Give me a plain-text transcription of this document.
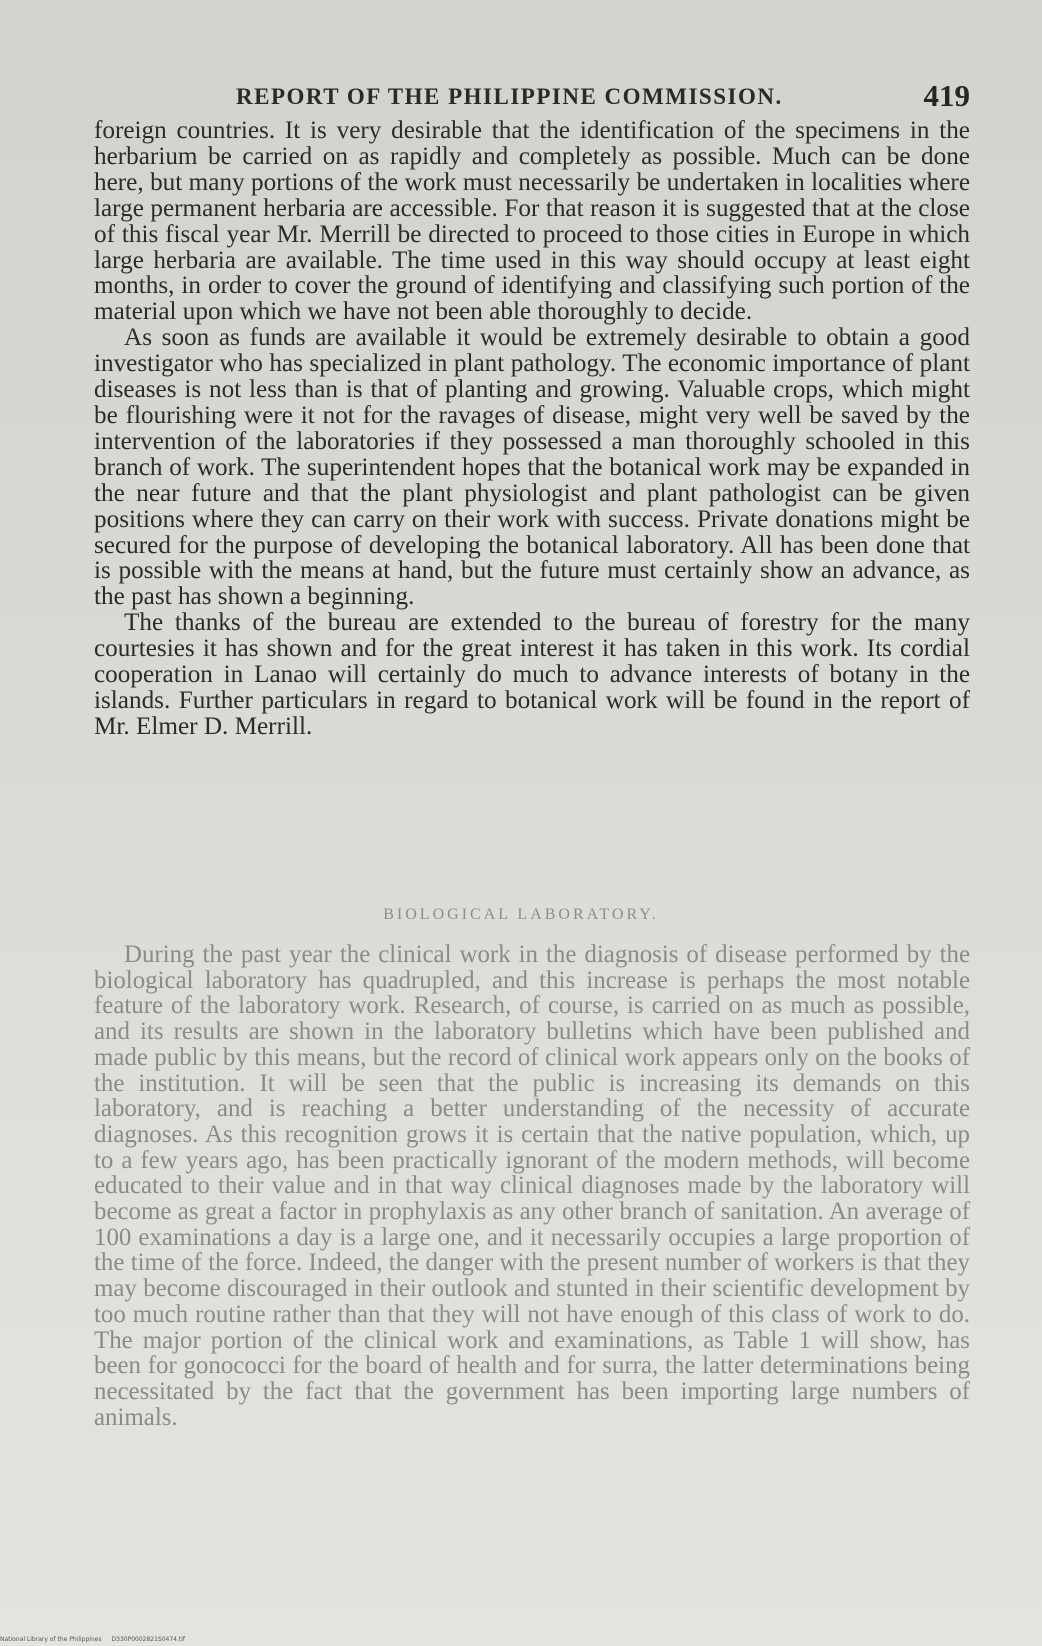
REPORT OF THE PHILIPPINE COMMISSION.	419

foreign countries. It is very desirable that the identification of the specimens in the herbarium be carried on as rapidly and completely as possible. Much can be done here, but many portions of the work must necessarily be undertaken in localities where large permanent herbaria are accessible. For that reason it is suggested that at the close of this fiscal year Mr. Merrill be directed to proceed to those cities in Europe in which large herbaria are available. The time used in this way should occupy at least eight months, in order to cover the ground of identifying and classifying such portion of the material upon which we have not been able thoroughly to decide.

As soon as funds are available it would be extremely desirable to obtain a good investigator who has specialized in plant pathology. The economic importance of plant diseases is not less than is that of planting and growing. Valuable crops, which might be flourishing were it not for the ravages of disease, might very well be saved by the intervention of the laboratories if they possessed a man thoroughly schooled in this branch of work. The superintendent hopes that the botanical work may be expanded in the near future and that the plant physiologist and plant pathologist can be given positions where they can carry on their work with success. Private donations might be secured for the purpose of developing the botanical laboratory. All has been done that is possible with the means at hand, but the future must certainly show an advance, as the past has shown a beginning.

The thanks of the bureau are extended to the bureau of forestry for the many courtesies it has shown and for the great interest it has taken in this work. Its cordial cooperation in Lanao will certainly do much to advance interests of botany in the islands. Further particulars in regard to botanical work will be found in the report of Mr. Elmer D. Merrill.

BIOLOGICAL LABORATORY.

During the past year the clinical work in the diagnosis of disease performed by the biological laboratory has quadrupled, and this increase is perhaps the most notable feature of the laboratory work. Research, of course, is carried on as much as possible, and its results are shown in the laboratory bulletins which have been published and made public by this means, but the record of clinical work appears only on the books of the institution. It will be seen that the public is increasing its demands on this laboratory, and is reaching a better understanding of the necessity of accurate diagnoses. As this recognition grows it is certain that the native population, which, up to a few years ago, has been practically ignorant of the modern methods, will become educated to their value and in that way clinical diagnoses made by the laboratory will become as great a factor in prophylaxis as any other branch of sanitation. An average of 100 examinations a day is a large one, and it necessarily occupies a large proportion of the time of the force. Indeed, the danger with the present number of workers is that they may become discouraged in their outlook and stunted in their scientific development by too much routine rather than that they will not have enough of this class of work to do. The major portion of the clinical work and examinations, as Table 1 will show, has been for gonococci for the board of health and for surra, the latter determinations being necessitated by the fact that the government has been importing large numbers of animals.

National Library of the Philippines D330P0002821S0474.tif
